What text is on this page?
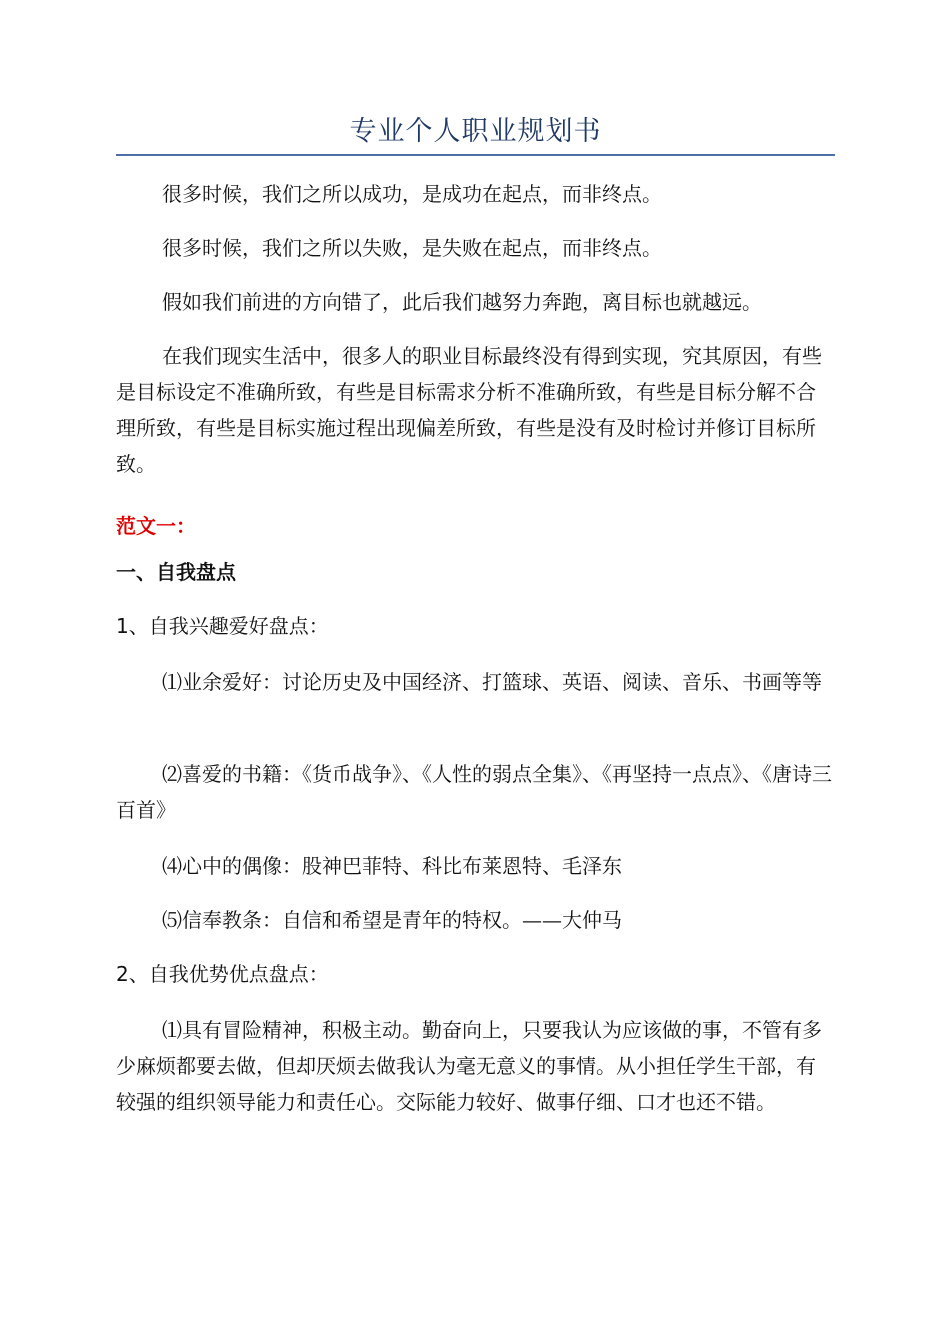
专业个人职业规划书
很多时候，我们之所以成功，是成功在起点，而非终点。
很多时候，我们之所以失败，是失败在起点，而非终点。
假如我们前进的方向错了，此后我们越努力奔跑，离目标也就越远。
在我们现实生活中，很多人的职业目标最终没有得到实现，究其原因，有些是目标设定不准确所致，有些是目标需求分析不准确所致，有些是目标分解不合理所致，有些是目标实施过程出现偏差所致，有些是没有及时检讨并修订目标所致。
范文一：
一、自我盘点
1、自我兴趣爱好盘点：
⑴业余爱好：讨论历史及中国经济、打篮球、英语、阅读、音乐、书画等等
⑵喜爱的书籍：《货币战争》、《人性的弱点全集》、《再坚持一点点》、《唐诗三百首》
⑷心中的偶像：股神巴菲特、科比布莱恩特、毛泽东
⑸信奉教条：自信和希望是青年的特权。——大仲马
2、自我优势优点盘点：
⑴具有冒险精神，积极主动。勤奋向上，只要我认为应该做的事，不管有多少麻烦都要去做，但却厌烦去做我认为毫无意义的事情。从小担任学生干部，有较强的组织领导能力和责任心。交际能力较好、做事仔细、口才也还不错。
